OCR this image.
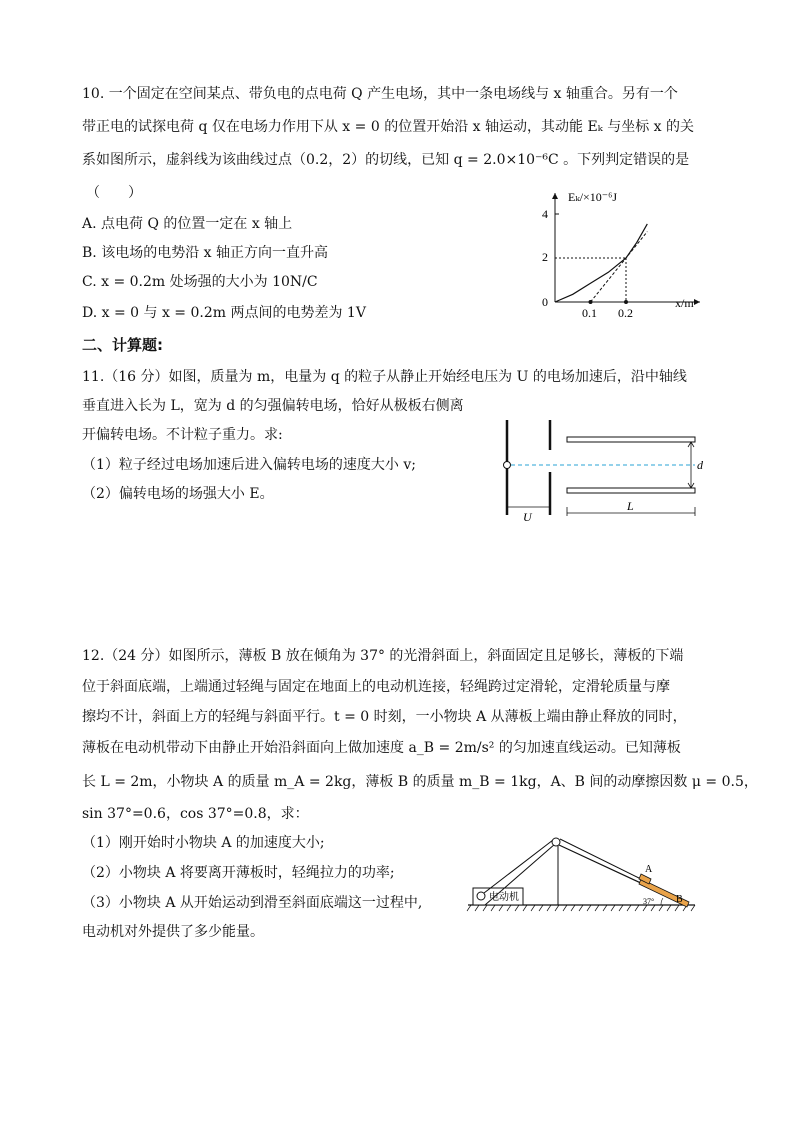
10. 一个固定在空间某点、带负电的点电荷 Q 产生电场，其中一条电场线与 x 轴重合。另有一个
带正电的试探电荷 q 仅在电场力作用下从 x = 0 的位置开始沿 x 轴运动，其动能 Eₖ 与坐标 x 的关
系如图所示，虚斜线为该曲线过点（0.2，2）的切线，已知 q = 2.0×10⁻⁶C 。下列判定错误的是
（　　）
A. 点电荷 Q 的位置一定在 x 轴上
B. 该电场的电势沿 x 轴正方向一直升高
C. x = 0.2m 处场强的大小为 10N/C
D. x = 0 与 x = 0.2m 两点间的电势差为 1V
Eₖ/×10⁻⁶J
x/m
4
2
0
0.1 0.2
二、计算题:
11.（16 分）如图，质量为 m，电量为 q 的粒子从静止开始经电压为 U 的电场加速后，沿中轴线
垂直进入长为 L，宽为 d 的匀强偏转电场，恰好从极板右侧离
开偏转电场。不计粒子重力。求:
（1）粒子经过电场加速后进入偏转电场的速度大小 v;
（2）偏转电场的场强大小 E。
d
U
L
12.（24 分）如图所示，薄板 B 放在倾角为 37° 的光滑斜面上，斜面固定且足够长，薄板的下端
位于斜面底端，上端通过轻绳与固定在地面上的电动机连接，轻绳跨过定滑轮，定滑轮质量与摩
擦均不计，斜面上方的轻绳与斜面平行。t = 0 时刻，一小物块 A 从薄板上端由静止释放的同时，
薄板在电动机带动下由静止开始沿斜面向上做加速度 a_B = 2m/s² 的匀加速直线运动。已知薄板
长 L = 2m，小物块 A 的质量 m_A = 2kg，薄板 B 的质量 m_B = 1kg，A、B 间的动摩擦因数 μ = 0.5，
sin 37°=0.6，cos 37°=0.8，求：
（1）刚开始时小物块 A 的加速度大小;
（2）小物块 A 将要离开薄板时，轻绳拉力的功率;
（3）小物块 A 从开始运动到滑至斜面底端这一过程中,
电动机对外提供了多少能量。
电动机
A
B
37°
